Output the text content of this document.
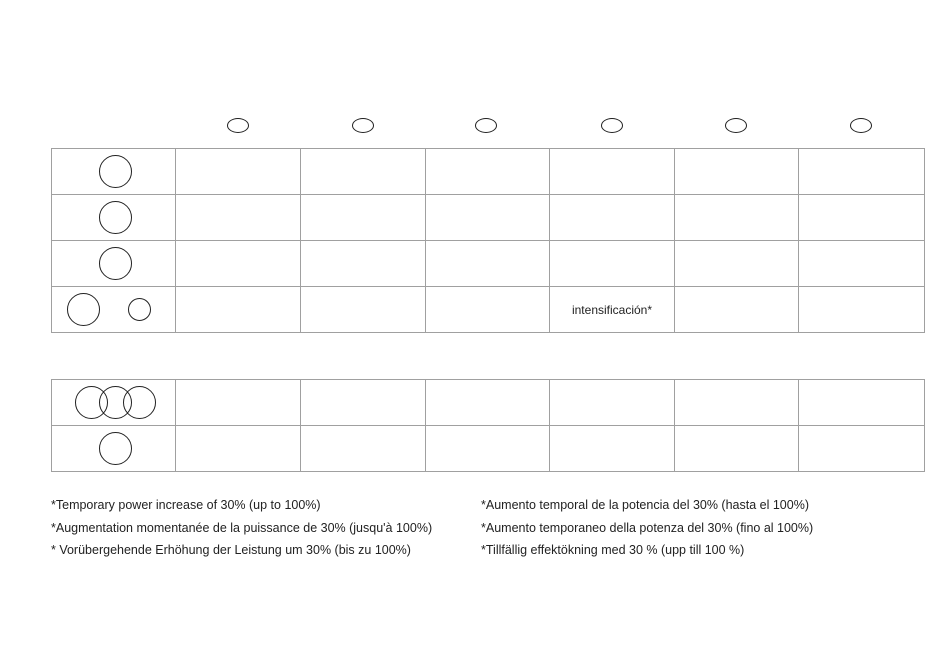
				intensificación*		

*Temporary power increase of 30% (up to 100%)
*Augmentation momentanée de la puissance de 30% (jusqu'à 100%)
* Vorübergehende Erhöhung der Leistung um 30% (bis zu 100%)
*Aumento temporal de la potencia del 30% (hasta el 100%)
*Aumento temporaneo della potenza del 30% (fino al 100%)
*Tillfällig effektökning med 30 % (upp till 100 %)
